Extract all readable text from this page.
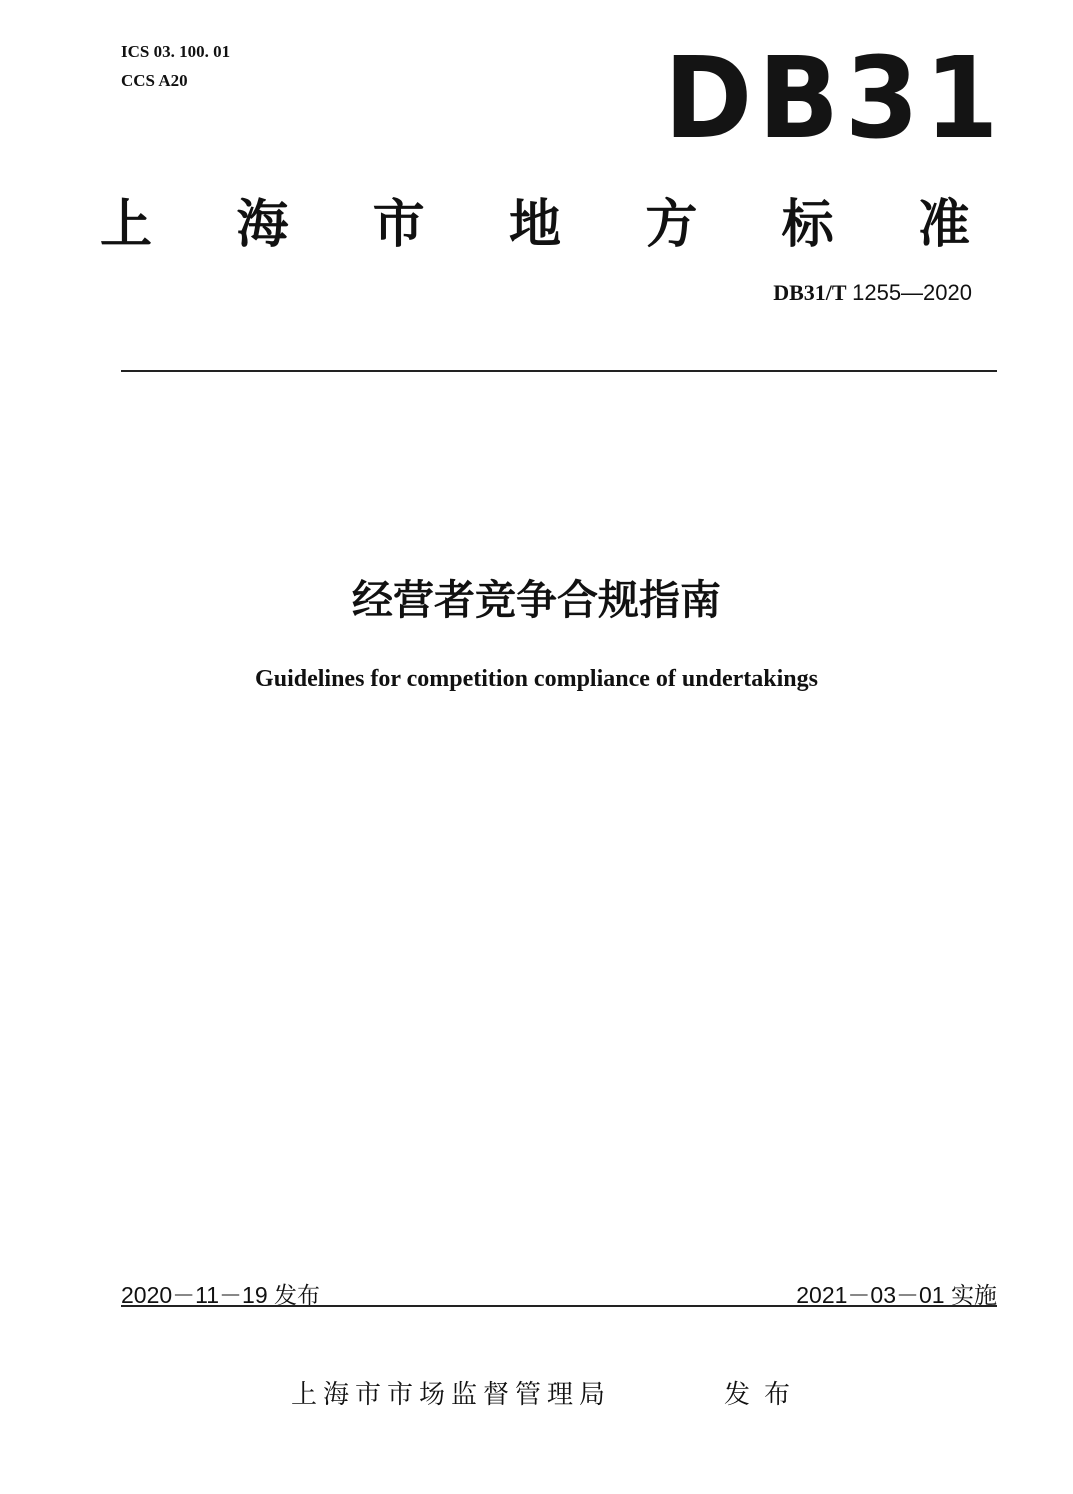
ICS 03. 100. 01
CCS A20	DB31
上 海 市 地 方 标 准
DB31/T 1255—2020
经营者竞争合规指南
Guidelines for competition compliance of undertakings
2020－11－19 发布	2021－03－01 实施
上海市市场监督管理局	发布
